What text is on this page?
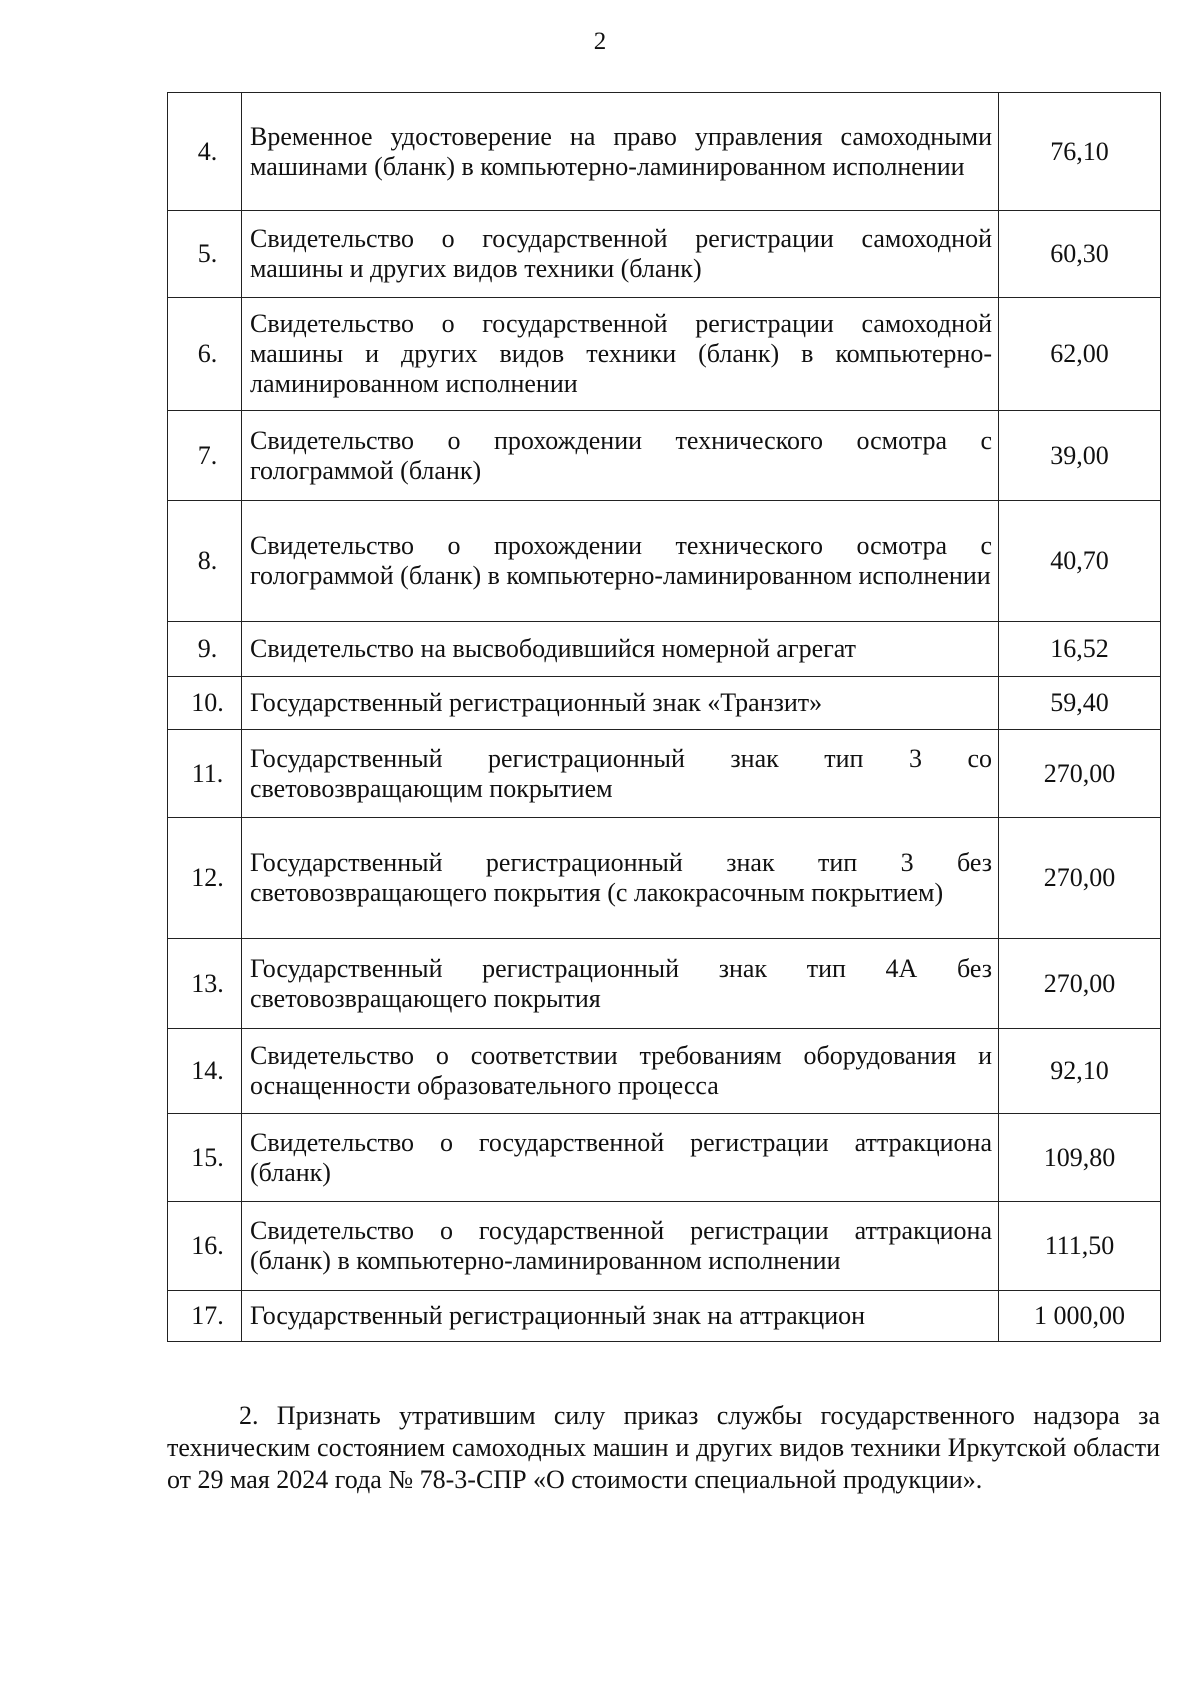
2
4.	Временное удостоверение на право управления самоходными машинами (бланк) в компьютерно-ламинированном исполнении	76,10
5.	Свидетельство о государственной регистрации самоходной машины и других видов техники (бланк)	60,30
6.	Свидетельство о государственной регистрации самоходной машины и других видов техники (бланк) в компьютерно-ламинированном исполнении	62,00
7.	Свидетельство о прохождении технического осмотра с голограммой (бланк)	39,00
8.	Свидетельство о прохождении технического осмотра с голограммой (бланк) в компьютерно-ламинированном исполнении	40,70
9.	Свидетельство на высвободившийся номерной агрегат	16,52
10.	Государственный регистрационный знак «Транзит»	59,40
11.	Государственный регистрационный знак тип 3 со световозвращающим покрытием	270,00
12.	Государственный регистрационный знак тип 3 без световозвращающего покрытия (с лакокрасочным покрытием)	270,00
13.	Государственный регистрационный знак тип 4А без световозвращающего покрытия	270,00
14.	Свидетельство о соответствии требованиям оборудования и оснащенности образовательного процесса	92,10
15.	Свидетельство о государственной регистрации аттракциона (бланк)	109,80
16.	Свидетельство о государственной регистрации аттракциона (бланк) в компьютерно-ламинированном исполнении	111,50
17.	Государственный регистрационный знак на аттракцион	1 000,00

2. Признать утратившим силу приказ службы государственного надзора за техническим состоянием самоходных машин и других видов техники Иркутской области от 29 мая 2024 года № 78-3-СПР «О стоимости специальной продукции».
